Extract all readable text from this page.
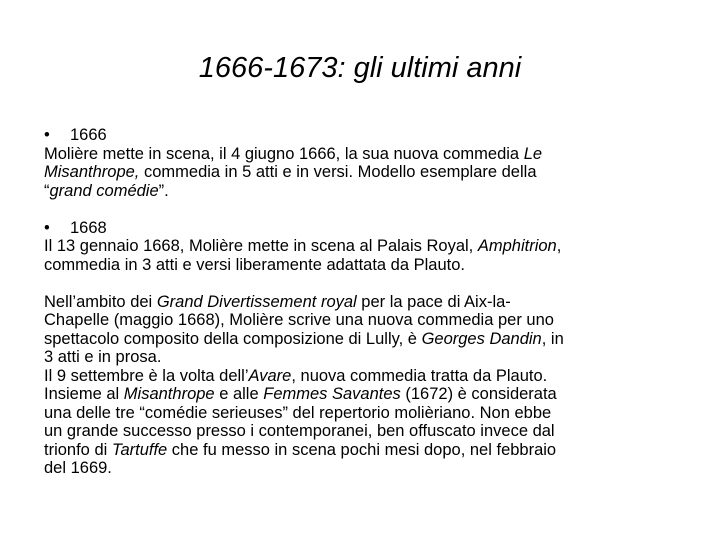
1666-1673: gli ultimi anni
• 1666

Molière mette in scena, il 4 giugno 1666, la sua nuova commedia Le

Misanthrope, commedia in 5 atti e in versi. Modello esemplare della

“grand comédie”.

• 1668

Il 13 gennaio 1668, Molière mette in scena al Palais Royal, Amphitrion,

commedia in 3 atti e versi liberamente adattata da Plauto.

Nell’ambito dei Grand Divertissement royal per la pace di Aix-la-

Chapelle (maggio 1668), Molière scrive una nuova commedia per uno

spettacolo composito della composizione di Lully, è Georges Dandin, in

3 atti e in prosa.

Il 9 settembre è la volta dell’Avare, nuova commedia tratta da Plauto.

Insieme al Misanthrope e alle Femmes Savantes (1672) è considerata

una delle tre “comédie serieuses” del repertorio molièriano. Non ebbe

un grande successo presso i contemporanei, ben offuscato invece dal

trionfo di Tartuffe che fu messo in scena pochi mesi dopo, nel febbraio

del 1669.
